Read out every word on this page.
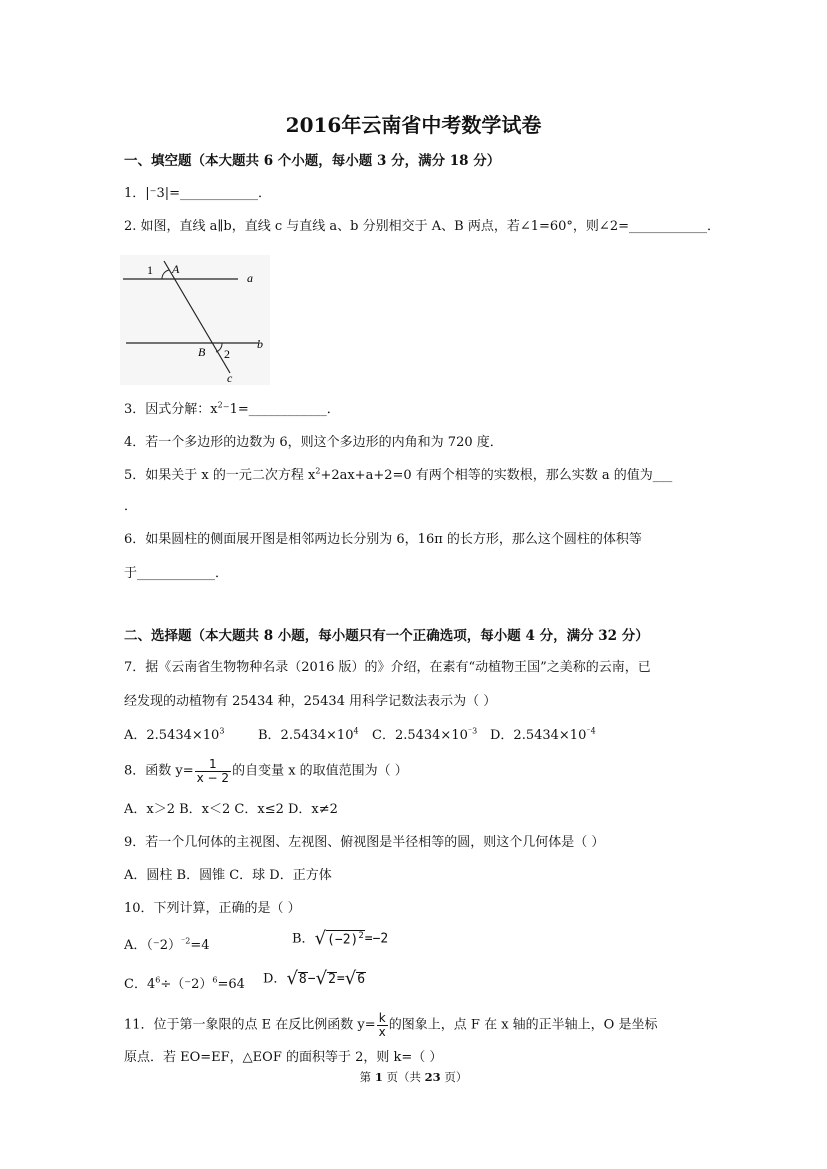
2016年云南省中考数学试卷
一、填空题（本大题共 6 个小题，每小题 3 分，满分 18 分）
1．|⁻3|=____________．
2. 如图，直线 a∥b，直线 c 与直线 a、b 分别相交于 A、B 两点，若∠1=60°，则∠2=____________．
1 A
a
B 2
b
c
3．因式分解：$x^2^-1=\_\_\_\_\_\_\_\_\_\_\_\_$．
4．若一个多边形的边数为 6，则这个多边形的内角和为 720 度．
5．如果关于 x 的一元二次方程 $x^2+2ax+a+2=0$ 有两个相等的实数根，那么实数 a 的值为___
．
6．如果圆柱的侧面展开图是相邻两边长分别为 6，16π 的长方形，那么这个圆柱的体积等
于____________．
二、选择题（本大题共 8 小题，每小题只有一个正确选项，每小题 4 分，满分 32 分）
7．据《云南省生物物种名录（2016 版）的》介绍，在素有“动植物王国”之美称的云南，已
经发现的动植物有 25434 种，25434 用科学记数法表示为（ ）
A．$2.5434\times 10^3$	B．$2.5434\times 10^4$ C．$2.5434\times 10^{^-3}$ D．$2.5434\times 10^{^-4}$
8．函数 $y= \frac{1}{x - 2}$ 的自变量 x 的取值范围为（ ）
A．x＞2 B．x＜2 C．x≤2 D．x≠2
9．若一个几何体的主视图、左视图、俯视图是半径相等的圆，则这个几何体是（ ）
A．圆柱 B．圆锥 C．球 D．正方体
10．下列计算，正确的是（ ）
A．$(^-2)^{^-2}=4$	B． √ $(-2)^2 =-2$
C．$4^6\div(^-2)^6=64$ D． √ 8 − √ 2 = √ 6
11．位于第一象限的点 E 在反比例函数 $y= \frac{k}{x}$ 的图象上，点 F 在 x 轴的正半轴上，O 是坐标
原点．若 EO=EF，△EOF 的面积等于 2，则 k=（ ）
第 1 页（共 23 页）
